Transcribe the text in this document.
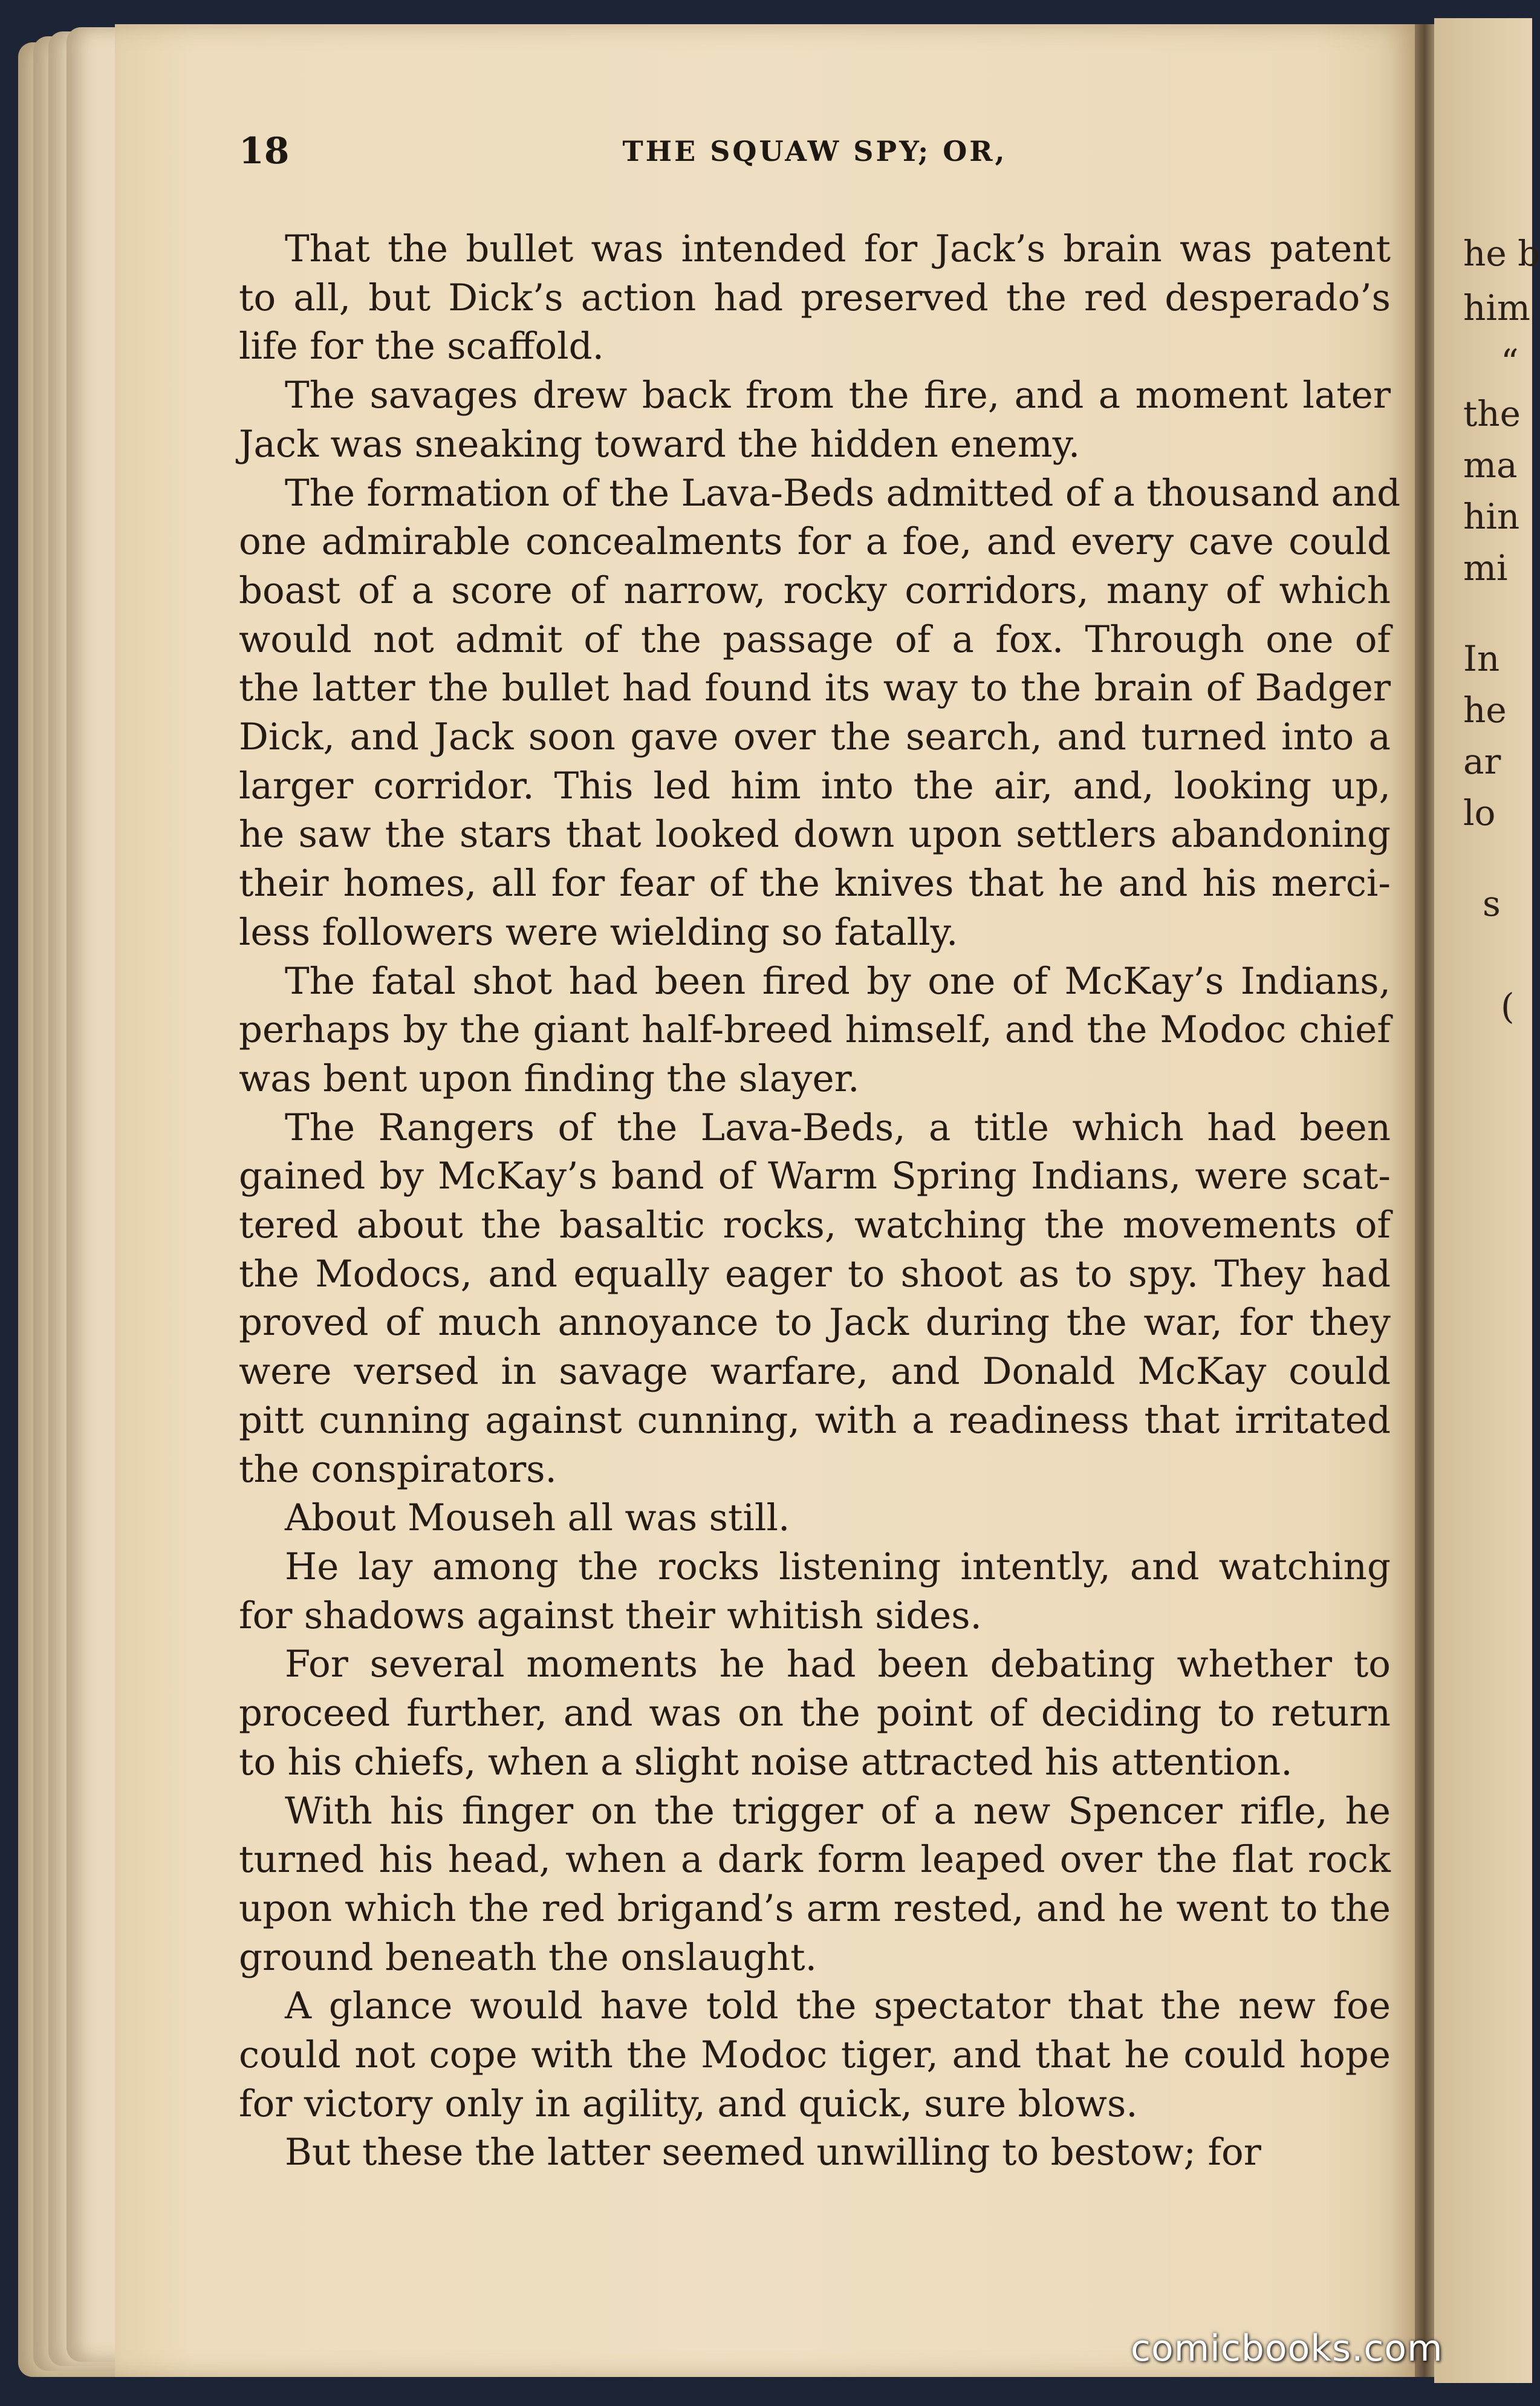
he b
him
“
the
ma
hin
mi
In
he
ar
lo
s
(
18	THE SQUAW SPY; OR,
That the bullet was intended for Jack’s brain was patent
to all, but Dick’s action had preserved the red desperado’s
life for the scaffold.
The savages drew back from the fire, and a moment later
Jack was sneaking toward the hidden enemy.
The formation of the Lava-Beds admitted of a thousand and
one admirable concealments for a foe, and every cave could
boast of a score of narrow, rocky corridors, many of which
would not admit of the passage of a fox. Through one of
the latter the bullet had found its way to the brain of Badger
Dick, and Jack soon gave over the search, and turned into a
larger corridor. This led him into the air, and, looking up,
he saw the stars that looked down upon settlers abandoning
their homes, all for fear of the knives that he and his merci-
less followers were wielding so fatally.
The fatal shot had been fired by one of McKay’s Indians,
perhaps by the giant half-breed himself, and the Modoc chief
was bent upon finding the slayer.
The Rangers of the Lava-Beds, a title which had been
gained by McKay’s band of Warm Spring Indians, were scat-
tered about the basaltic rocks, watching the movements of
the Modocs, and equally eager to shoot as to spy. They had
proved of much annoyance to Jack during the war, for they
were versed in savage warfare, and Donald McKay could
pitt cunning against cunning, with a readiness that irritated
the conspirators.
About Mouseh all was still.
He lay among the rocks listening intently, and watching
for shadows against their whitish sides.
For several moments he had been debating whether to
proceed further, and was on the point of deciding to return
to his chiefs, when a slight noise attracted his attention.
With his finger on the trigger of a new Spencer rifle, he
turned his head, when a dark form leaped over the flat rock
upon which the red brigand’s arm rested, and he went to the
ground beneath the onslaught.
A glance would have told the spectator that the new foe
could not cope with the Modoc tiger, and that he could hope
for victory only in agility, and quick, sure blows.
But these the latter seemed unwilling to bestow; for
comicbooks.com
